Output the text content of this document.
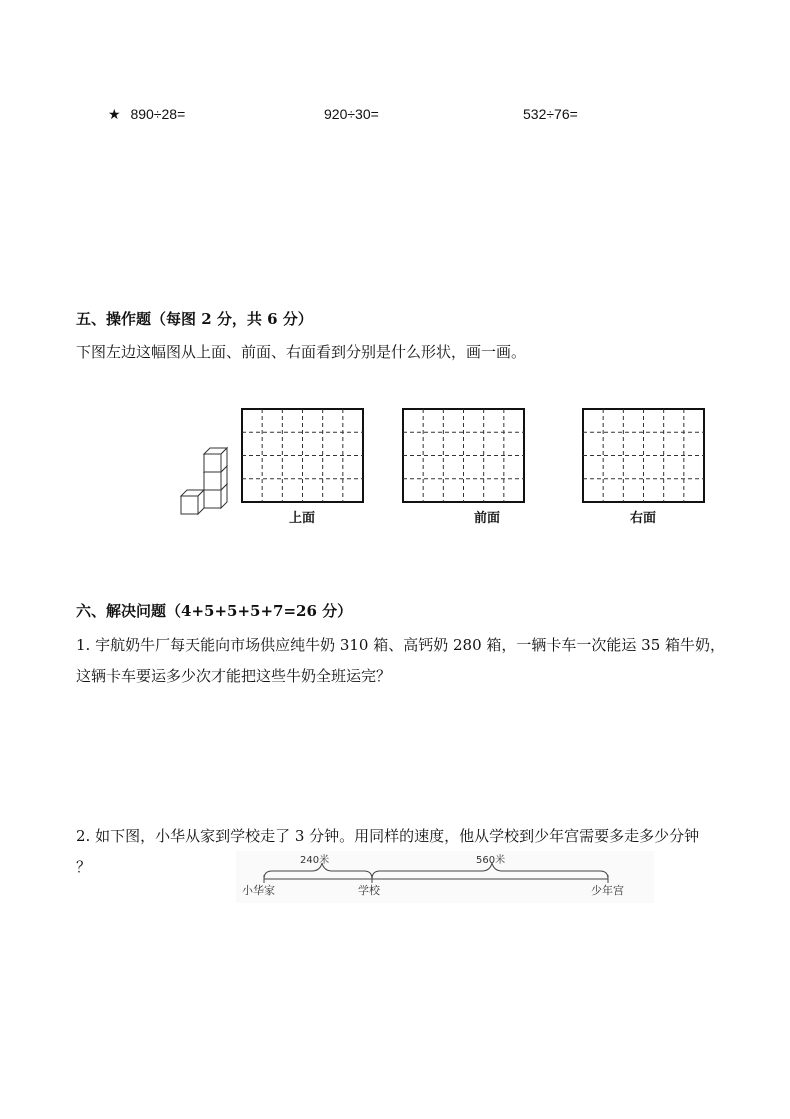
★ 890÷28=	920÷30=	532÷76=
五、操作题（每图 2 分，共 6 分）
下图左边这幅图从上面、前面、右面看到分别是什么形状，画一画。
上面	前面	右面
六、解决问题（4+5+5+5+7=26 分）
1. 宇航奶牛厂每天能向市场供应纯牛奶 310 箱、高钙奶 280 箱，一辆卡车一次能运 35 箱牛奶，
这辆卡车要运多少次才能把这些牛奶全班运完？
2. 如下图，小华从家到学校走了 3 分钟。用同样的速度，他从学校到少年宫需要多走多少分钟
？	240米	560米
小华家	学校	少年宫
